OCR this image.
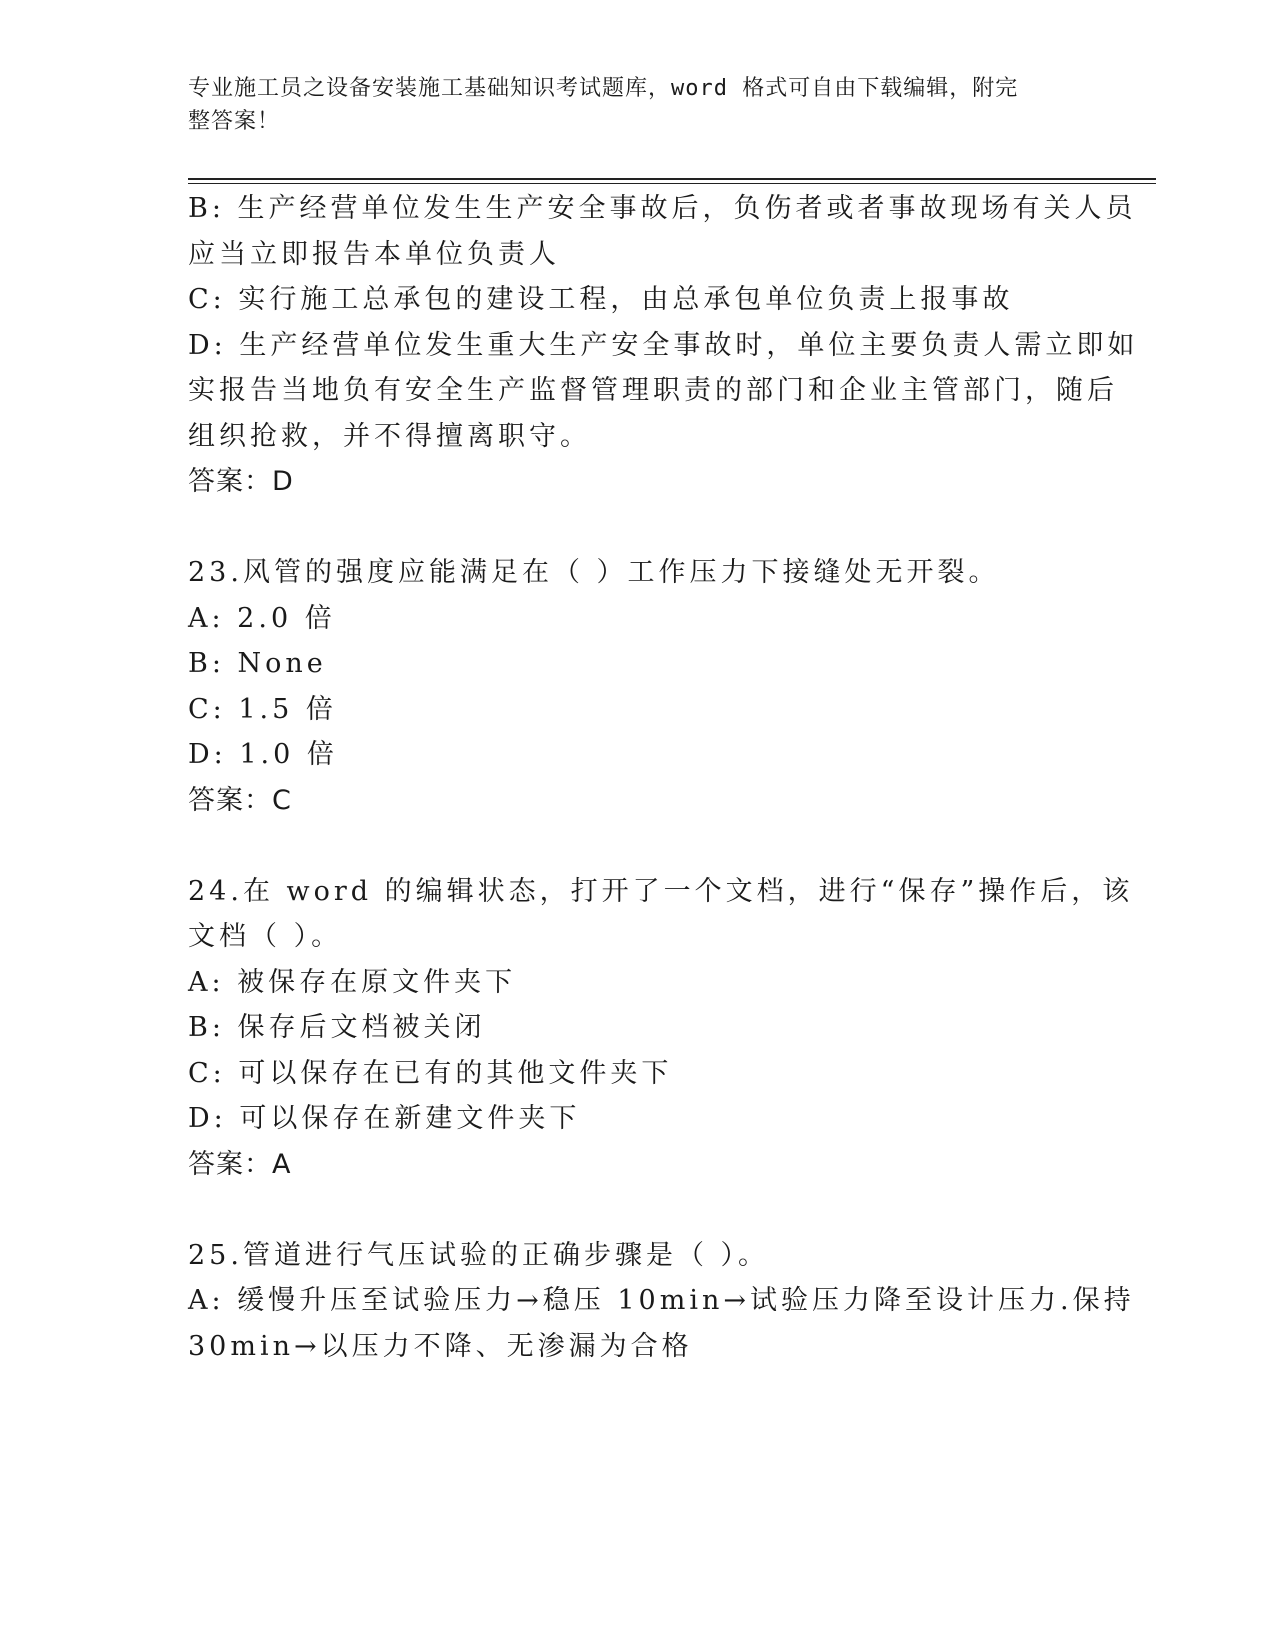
专业施工员之设备安装施工基础知识考试题库，word 格式可自由下载编辑，附完
整答案！
B: 生产经营单位发生生产安全事故后，负伤者或者事故现场有关人员
应当立即报告本单位负责人
C: 实行施工总承包的建设工程，由总承包单位负责上报事故
D: 生产经营单位发生重大生产安全事故时，单位主要负责人需立即如
实报告当地负有安全生产监督管理职责的部门和企业主管部门，随后
组织抢救，并不得擅离职守。
答案：D
23.风管的强度应能满足在（ ）工作压力下接缝处无开裂。
A: 2.0 倍
B: None
C: 1.5 倍
D: 1.0 倍
答案：C
24.在 word 的编辑状态，打开了一个文档，进行“保存”操作后，该
文档（ ）。
A: 被保存在原文件夹下
B: 保存后文档被关闭
C: 可以保存在已有的其他文件夹下
D: 可以保存在新建文件夹下
答案：A
25.管道进行气压试验的正确步骤是（ ）。
A: 缓慢升压至试验压力→稳压 10min→试验压力降至设计压力.保持
30min→以压力不降、无渗漏为合格
